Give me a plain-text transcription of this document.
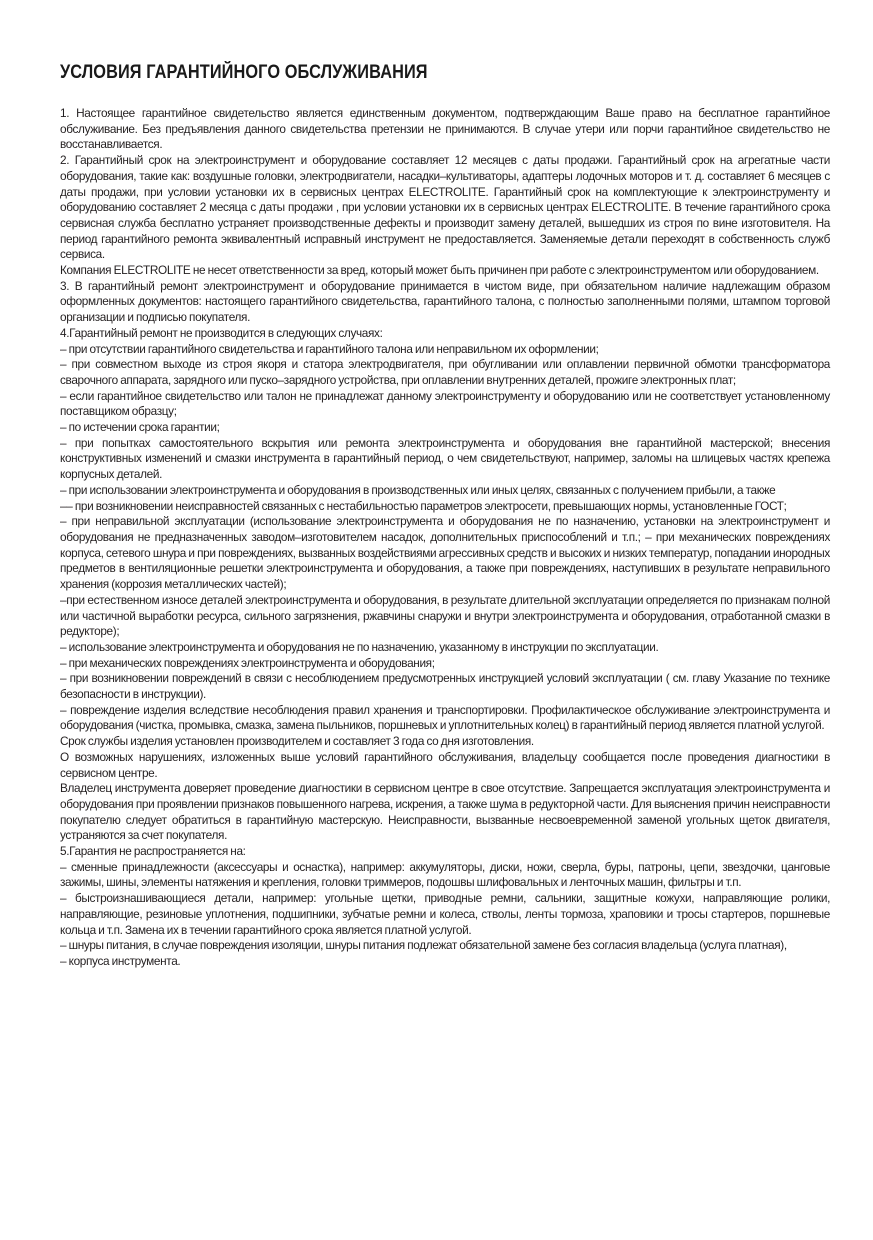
УСЛОВИЯ ГАРАНТИЙНОГО ОБСЛУЖИВАНИЯ

1. Настоящее гарантийное свидетельство является единственным документом, подтверждающим Ваше право на бесплатное гарантийное обслуживание. Без предъявления данного свидетельства претензии не принимаются. В случае утери или порчи гарантийное свидетельство не восстанавливается.

2. Гарантийный срок на электроинструмент и оборудование составляет 12 месяцев с даты продажи. Гарантийный срок на агрегатные части оборудования, такие как: воздушные головки, электродвигатели, насадки–культиваторы, адаптеры лодочных моторов и т. д. составляет 6 месяцев с даты продажи, при условии установки их в сервисных центрах ELECTROLITE. Гарантийный срок на комплектующие к электроинструменту и оборудованию составляет 2 месяца с даты продажи , при условии установки их в сервисных центрах ELECTROLITE. В течение гарантийного срока сервисная служба бесплатно устраняет производственные дефекты и производит замену деталей, вышедших из строя по вине изготовителя. На период гарантийного ремонта эквивалентный исправный инструмент не предоставляется. Заменяемые детали переходят в собственность служб сервиса.

Компания ELECTROLITE не несет ответственности за вред, который может быть причинен при работе с электроинструментом или оборудованием.

3. В гарантийный ремонт электроинструмент и оборудование принимается в чистом виде, при обязательном наличие надлежащим образом оформленных документов: настоящего гарантийного свидетельства, гарантийного талона, с полностью заполненными полями, штампом торговой организации и подписью покупателя.

4.Гарантийный ремонт не производится в следующих случаях:

– при отсутствии гарантийного свидетельства и гарантийного талона или неправильном их оформлении;

– при совместном выходе из строя якоря и статора электродвигателя, при обугливании или оплавлении первичной обмотки трансформатора сварочного аппарата, зарядного или пуско–зарядного устройства, при оплавлении внутренних деталей, прожиге электронных плат;

– если гарантийное свидетельство или талон не принадлежат данному электроинструменту и оборудованию или не соответствует установленному поставщиком образцу;

– по истечении срока гарантии;

– при попытках самостоятельного вскрытия или ремонта электроинструмента и оборудования вне гарантийной мастерской; внесения конструктивных изменений и смазки инструмента в гарантийный период, о чем свидетельствуют, например, заломы на шлицевых частях крепежа корпусных деталей.

– при использовании электроинструмента и оборудования в производственных или иных целях, связанных с получением прибыли, а также

–– при возникновении неисправностей связанных с нестабильностью параметров электросети, превышающих нормы, установленные ГОСТ;

– при неправильной эксплуатации (использование электроинструмента и оборудования не по назначению, установки на электроинструмент и оборудования не предназначенных заводом–изготовителем насадок, дополнительных приспособлений и т.п.; – при механических повреждениях корпуса, сетевого шнура и при повреждениях, вызванных воздействиями агрессивных средств и высоких и низких температур, попадании инородных предметов в вентиляционные решетки электроинструмента и оборудования, а также при повреждениях, наступивших в результате неправильного хранения (коррозия металлических частей);

–при естественном износе деталей электроинструмента и оборудования, в результате длительной эксплуатации определяется по признакам полной или частичной выработки ресурса, сильного загрязнения, ржавчины снаружи и внутри электроинструмента и оборудования, отработанной смазки в редукторе);

– использование электроинструмента и оборудования не по назначению, указанному в инструкции по эксплуатации.

– при механических повреждениях электроинструмента и оборудования;

– при возникновении повреждений в связи с несоблюдением предусмотренных инструкцией условий эксплуатации ( см. главу Указание по технике безопасности в инструкции).

– повреждение изделия вследствие несоблюдения правил хранения и транспортировки. Профилактическое обслуживание электроинструмента и оборудования (чистка, промывка, смазка, замена пыльников, поршневых и уплотнительных колец) в гарантийный период является платной услугой.

Срок службы изделия установлен производителем и составляет 3 года со дня изготовления.

О возможных нарушениях, изложенных выше условий гарантийного обслуживания, владельцу сообщается после проведения диагностики в сервисном центре.

Владелец инструмента доверяет проведение диагностики в сервисном центре в свое отсутствие. Запрещается эксплуатация электроинструмента и оборудования при проявлении признаков повышенного нагрева, искрения, а также шума в редукторной части. Для выяснения причин неисправности покупателю следует обратиться в гарантийную мастерскую. Неисправности, вызванные несвоевременной заменой угольных щеток двигателя, устраняются за счет покупателя.

5.Гарантия не распространяется на:

– сменные принадлежности (аксессуары и оснастка), например: аккумуляторы, диски, ножи, сверла, буры, патроны, цепи, звездочки, цанговые зажимы, шины, элементы натяжения и крепления, головки триммеров, подошвы шлифовальных и ленточных машин, фильтры и т.п.

– быстроизнашивающиеся детали, например: угольные щетки, приводные ремни, сальники, защитные кожухи, направляющие ролики, направляющие, резиновые уплотнения, подшипники, зубчатые ремни и колеса, стволы, ленты тормоза, храповики и тросы стартеров, поршневые кольца и т.п. Замена их в течении гарантийного срока является платной услугой.

– шнуры питания, в случае повреждения изоляции, шнуры питания подлежат обязательной замене без согласия владельца (услуга платная),

– корпуса инструмента.
